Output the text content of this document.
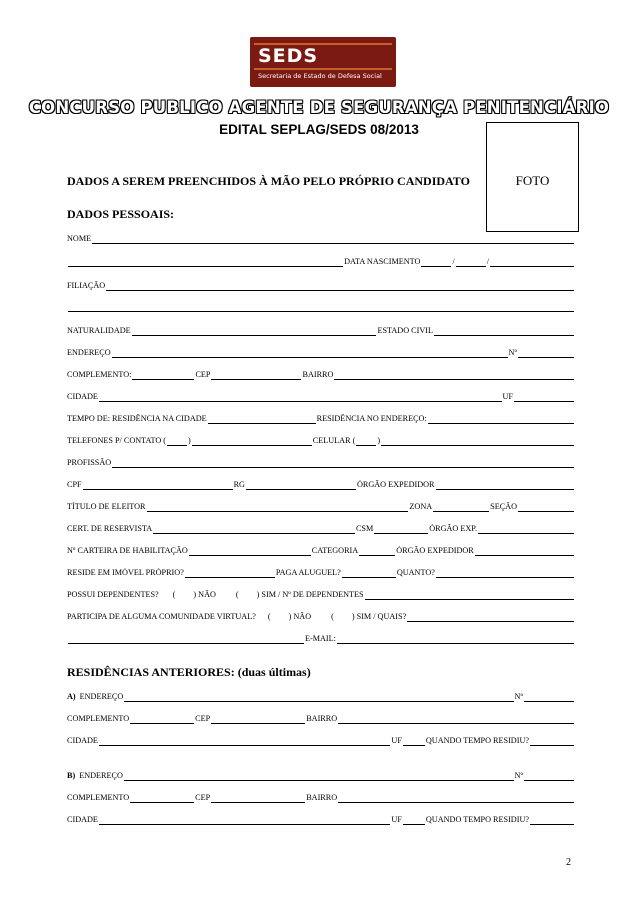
SEDS
Secretaria de Estado de Defesa Social
CONCURSO PUBLICO AGENTE DE SEGURANÇA PENITENCIÁRIO
EDITAL SEPLAG/SEDS 08/2013
FOTO
DADOS A SEREM PREENCHIDOS À MÃO PELO PRÓPRIO CANDIDATO
DADOS PESSOAIS:
NOME
DATA NASCIMENTO	/	/
FILIAÇÃO
NATURALIDADE	ESTADO CIVIL
ENDEREÇO	Nº
COMPLEMENTO:	CEP	BAIRRO
CIDADE	UF
TEMPO DE: RESIDÊNCIA NA CIDADE	RESIDÊNCIA NO ENDEREÇO:
TELEFONES P/ CONTATO (	)	CELULAR (	)
PROFISSÃO
CPF	RG	ÓRGÃO EXPEDIDOR
TÍTULO DE ELEITOR	ZONA	SEÇÃO
CERT. DE RESERVISTA	CSM	ÓRGÃO EXP.
Nº CARTEIRA DE HABILITAÇÃO	CATEGORIA	ÓRGÃO EXPEDIDOR
RESIDE EM IMÓVEL PRÓPRIO?	PAGA ALUGUEL?	QUANTO?
POSSUI DEPENDENTES? ( ) NÃO ( ) SIM / Nº DE DEPENDENTES
PARTICIPA DE ALGUMA COMUNIDADE VIRTUAL? ( ) NÃO ( ) SIM / QUAIS?
E-MAIL:
RESIDÊNCIAS ANTERIORES: (duas últimas)
A) ENDEREÇO	Nº
COMPLEMENTO	CEP	BAIRRO
CIDADE	UF	QUANDO TEMPO RESIDIU?
B) ENDEREÇO	Nº
COMPLEMENTO	CEP	BAIRRO
CIDADE	UF	QUANDO TEMPO RESIDIU?
2
